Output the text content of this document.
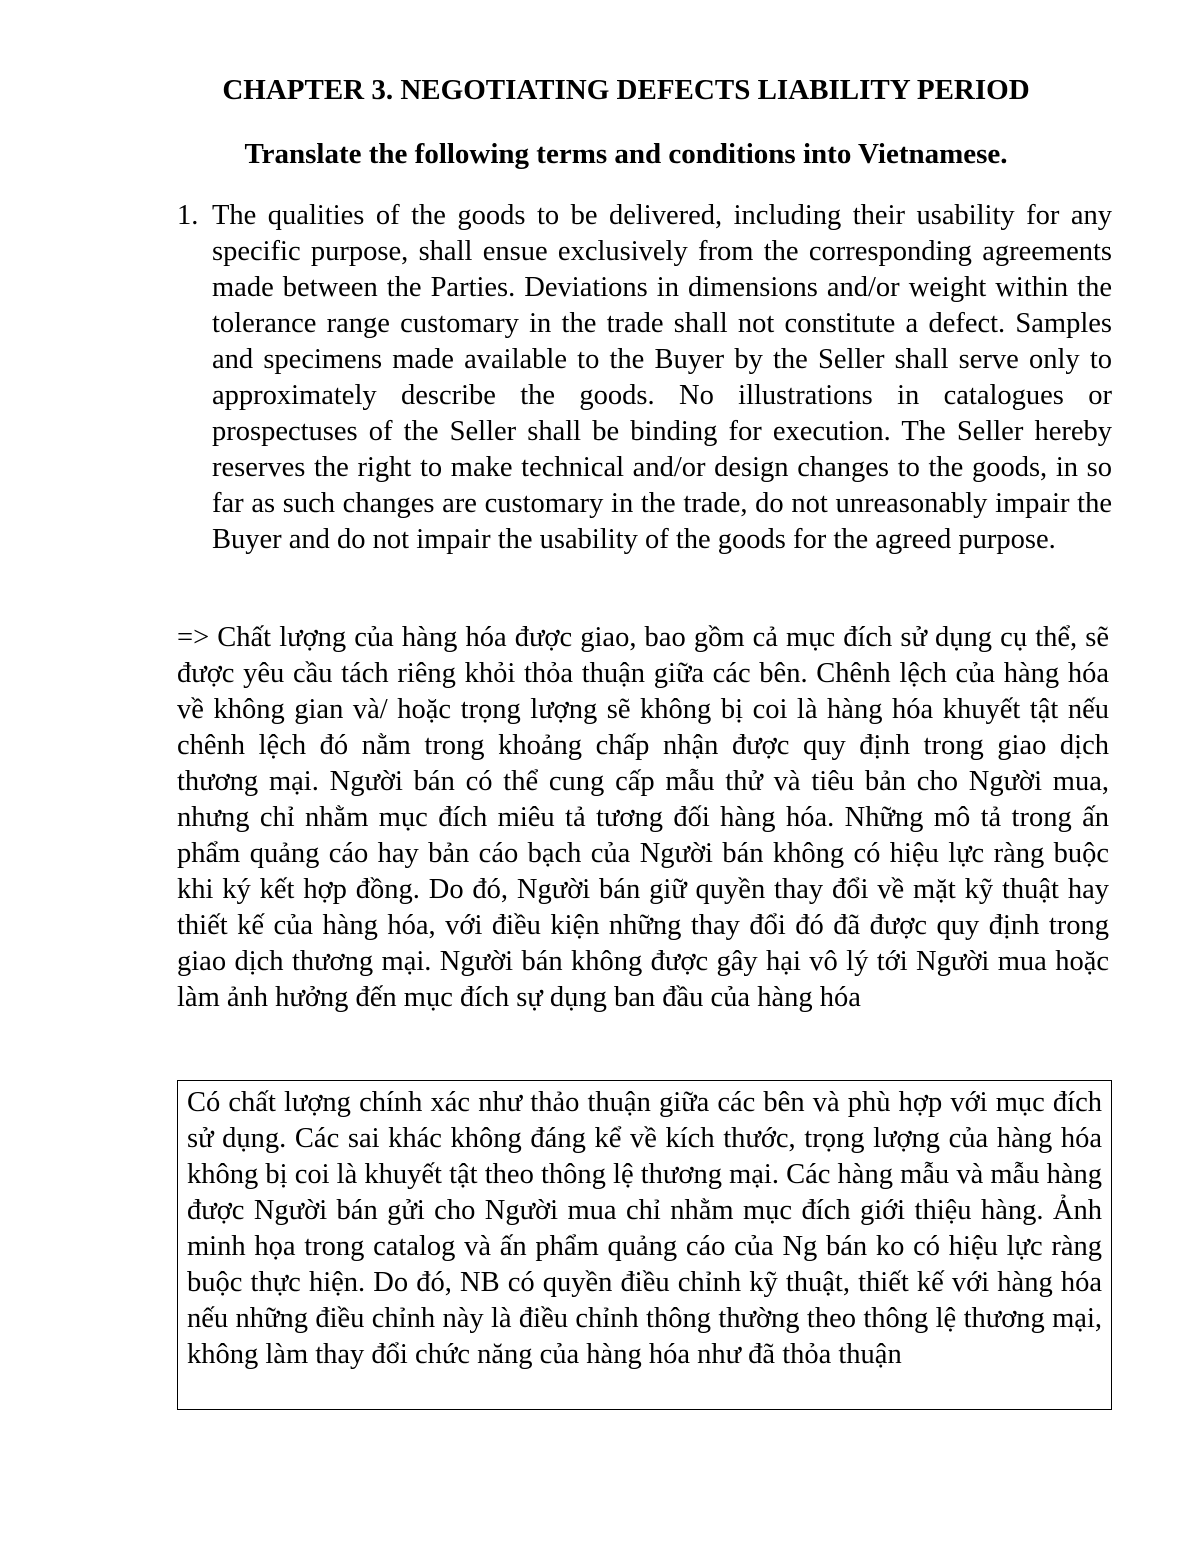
CHAPTER 3. NEGOTIATING DEFECTS LIABILITY PERIOD

Translate the following terms and conditions into Vietnamese.

1. The qualities of the goods to be delivered, including their usability for any specific purpose, shall ensue exclusively from the corresponding agreements made between the Parties. Deviations in dimensions and/or weight within the tolerance range customary in the trade shall not constitute a defect. Samples and specimens made available to the Buyer by the Seller shall serve only to approximately describe the goods. No illustrations in catalogues or prospectuses of the Seller shall be binding for execution. The Seller hereby reserves the right to make technical and/or design changes to the goods, in so far as such changes are customary in the trade, do not unreasonably impair the Buyer and do not impair the usability of the goods for the agreed purpose.

=> Chất lượng của hàng hóa được giao, bao gồm cả mục đích sử dụng cụ thể, sẽ được yêu cầu tách riêng khỏi thỏa thuận giữa các bên. Chênh lệch của hàng hóa về không gian và/ hoặc trọng lượng sẽ không bị coi là hàng hóa khuyết tật nếu chênh lệch đó nằm trong khoảng chấp nhận được quy định trong giao dịch thương mại. Người bán có thể cung cấp mẫu thử và tiêu bản cho Người mua, nhưng chỉ nhằm mục đích miêu tả tương đối hàng hóa. Những mô tả trong ấn phẩm quảng cáo hay bản cáo bạch của Người bán không có hiệu lực ràng buộc khi ký kết hợp đồng. Do đó, Người bán giữ quyền thay đổi về mặt kỹ thuật hay thiết kế của hàng hóa, với điều kiện những thay đổi đó đã được quy định trong giao dịch thương mại. Người bán không được gây hại vô lý tới Người mua hoặc làm ảnh hưởng đến mục đích sự dụng ban đầu của hàng hóa

Có chất lượng chính xác như thảo thuận giữa các bên và phù hợp với mục đích sử dụng. Các sai khác không đáng kể về kích thước, trọng lượng của hàng hóa không bị coi là khuyết tật theo thông lệ thương mại. Các hàng mẫu và mẫu hàng được Người bán gửi cho Người mua chỉ nhằm mục đích giới thiệu hàng. Ảnh minh họa trong catalog và ấn phẩm quảng cáo của Ng bán ko có hiệu lực ràng buộc thực hiện. Do đó, NB có quyền điều chỉnh kỹ thuật, thiết kế với hàng hóa nếu những điều chỉnh này là điều chỉnh thông thường theo thông lệ thương mại, không làm thay đổi chức năng của hàng hóa như đã thỏa thuận
